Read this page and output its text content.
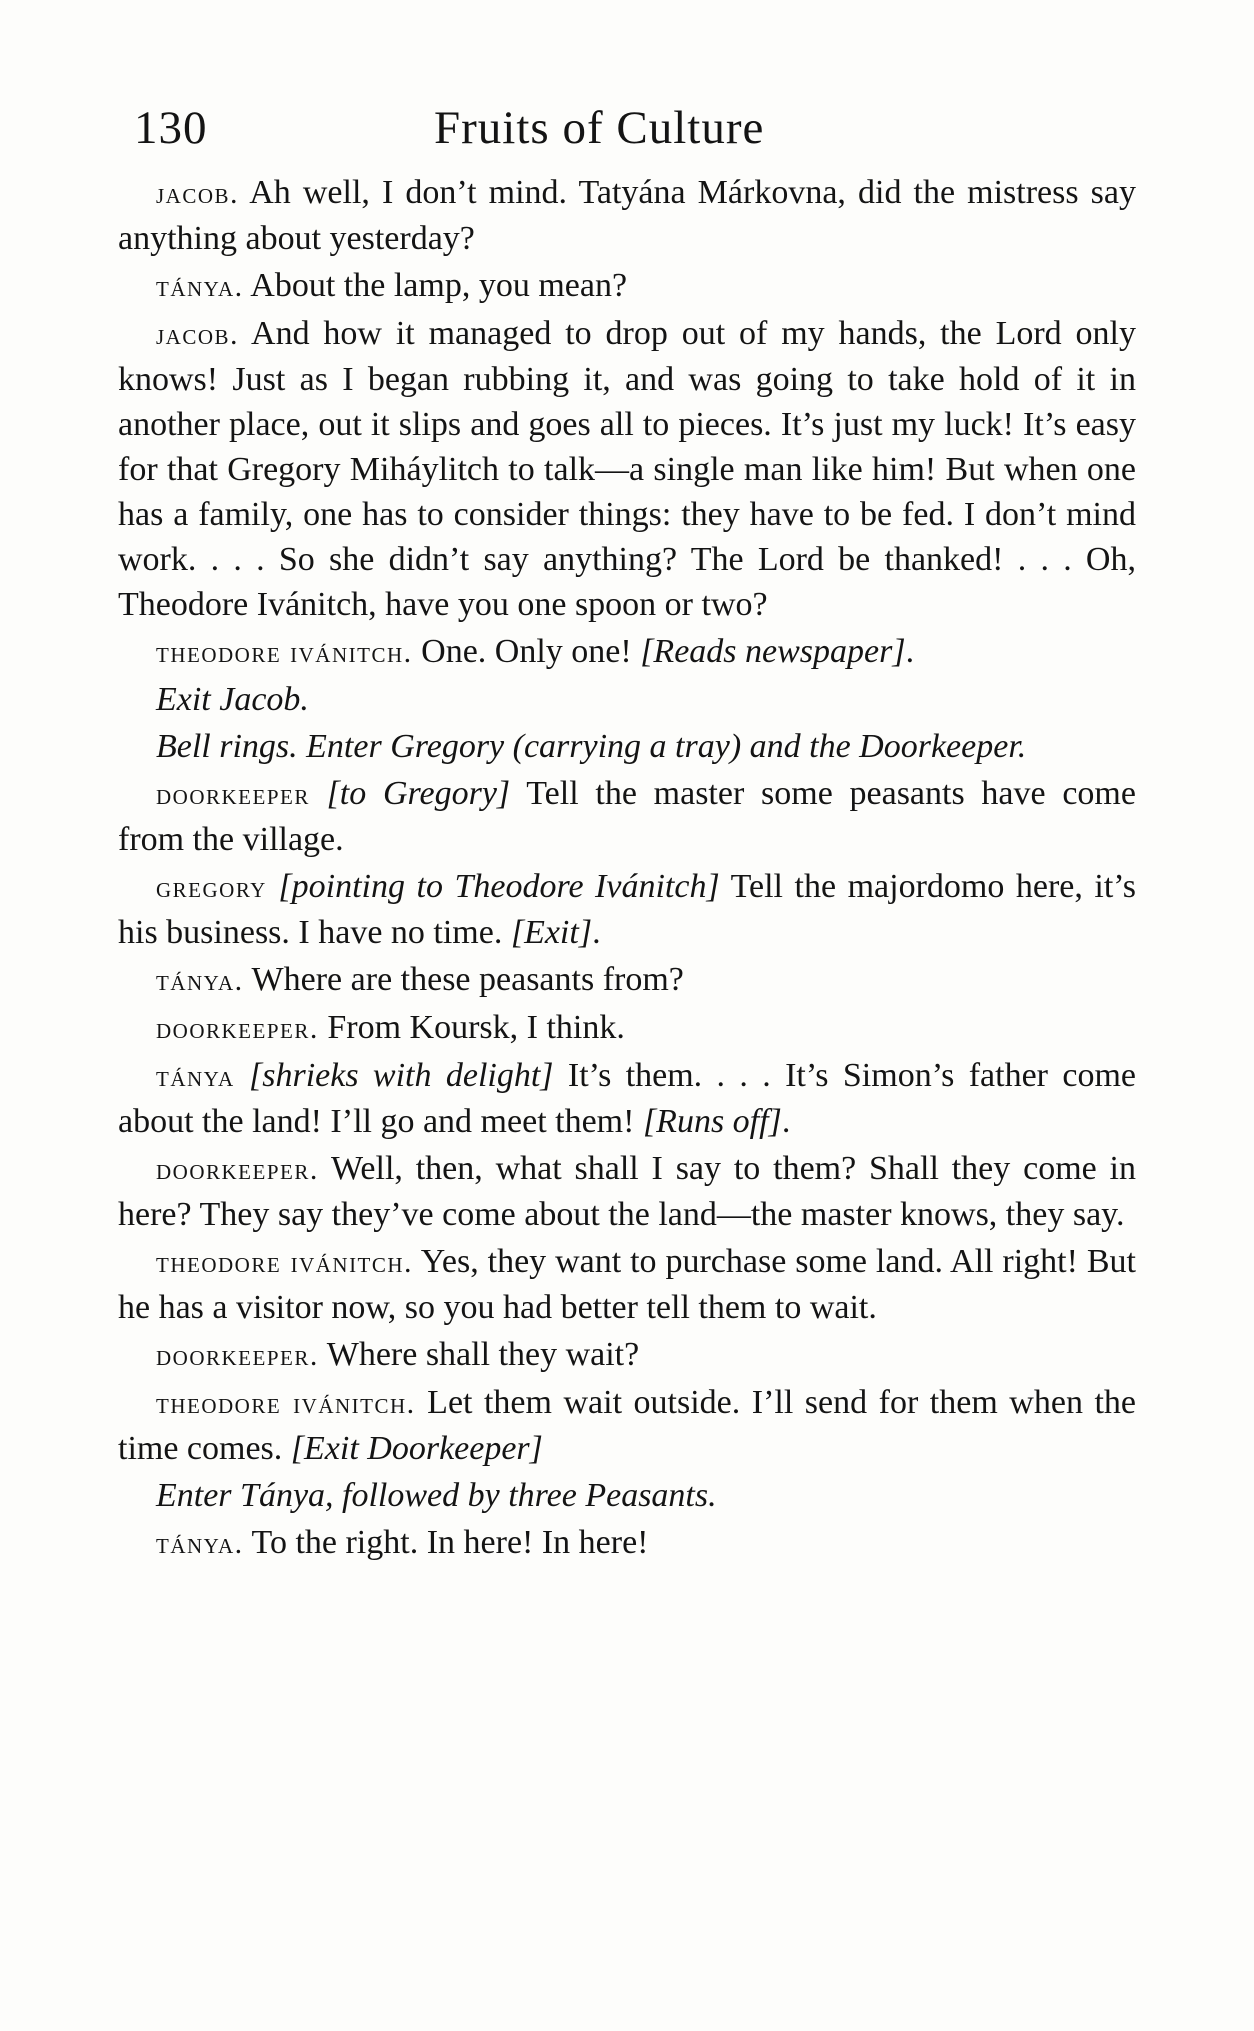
130	Fruits of Culture

jacob. Ah well, I don’t mind. Tatyána Márkovna, did the mistress say anything about yesterday?

tánya. About the lamp, you mean?

jacob. And how it managed to drop out of my hands, the Lord only knows! Just as I began rubbing it, and was going to take hold of it in another place, out it slips and goes all to pieces. It’s just my luck! It’s easy for that Gregory Miháylitch to talk—a single man like him! But when one has a family, one has to consider things: they have to be fed. I don’t mind work. . . . So she didn’t say anything? The Lord be thanked! . . . Oh, Theodore Ivánitch, have you one spoon or two?

theodore ivánitch. One. Only one! [Reads newspaper].

Exit Jacob.

Bell rings. Enter Gregory (carrying a tray) and the Doorkeeper.

doorkeeper [to Gregory] Tell the master some peasants have come from the village.

gregory [pointing to Theodore Ivánitch] Tell the majordomo here, it’s his business. I have no time. [Exit].

tánya. Where are these peasants from?

doorkeeper. From Koursk, I think.

tánya [shrieks with delight] It’s them. . . . It’s Simon’s father come about the land! I’ll go and meet them! [Runs off].

doorkeeper. Well, then, what shall I say to them? Shall they come in here? They say they’ve come about the land—the master knows, they say.

theodore ivánitch. Yes, they want to purchase some land. All right! But he has a visitor now, so you had better tell them to wait.

doorkeeper. Where shall they wait?

theodore ivánitch. Let them wait outside. I’ll send for them when the time comes. [Exit Doorkeeper]

Enter Tánya, followed by three Peasants.

tánya. To the right. In here! In here!
